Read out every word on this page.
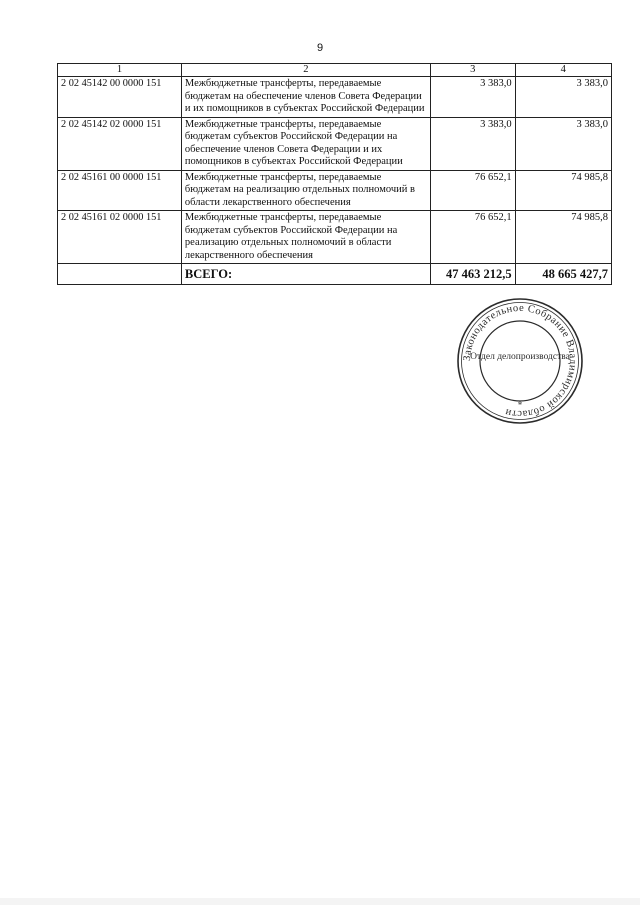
9
1	2	3	4
2 02 45142 00 0000 151	Межбюджетные трансферты, передаваемые бюджетам на обеспечение членов Совета Федерации и их помощников в субъектах Российской Федерации	3 383,0	3 383,0
2 02 45142 02 0000 151	Межбюджетные трансферты, передаваемые бюджетам субъектов Российской Федерации на обеспечение членов Совета Федерации и их помощников в субъектах Российской Федерации	3 383,0	3 383,0
2 02 45161 00 0000 151	Межбюджетные трансферты, передаваемые бюджетам на реализацию отдельных полномочий в области лекарственного обеспечения	76 652,1	74 985,8
2 02 45161 02 0000 151	Межбюджетные трансферты, передаваемые бюджетам субъектов Российской Федерации на реализацию отдельных полномочий в области лекарственного обеспечения	76 652,1	74 985,8
	ВСЕГО:	47 463 212,5	48 665 427,7
Законодательное Собрание Владимирской области
Отдел делопроизводства
*
